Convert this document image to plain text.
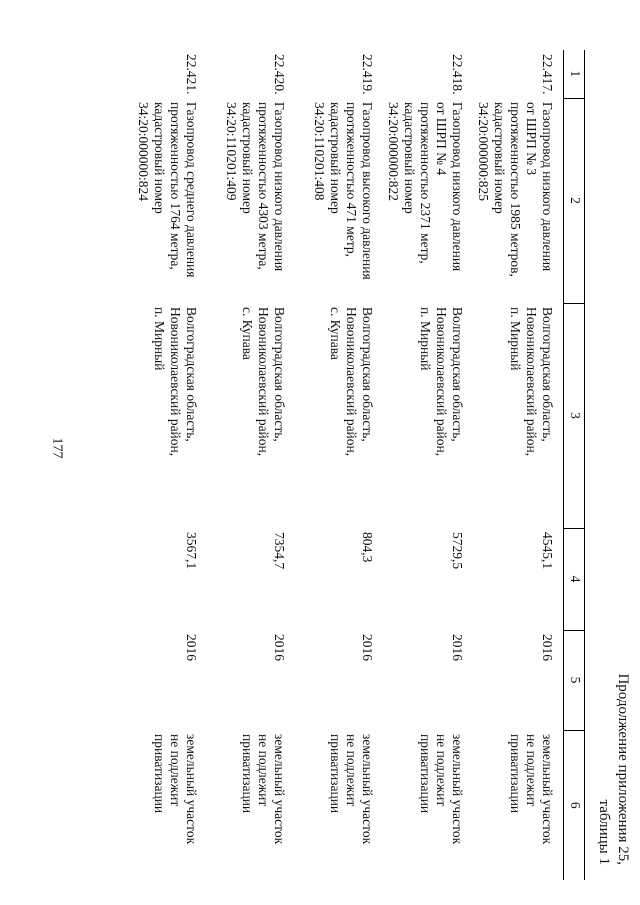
177
Продолжение приложения 25,
таблицы 1
1	2	3	4	5	6
22.417.	Газопровод низкого давления
от ШРП № 3
протяженностью 1985 метров,
кадастровый номер
34:20:000000:825	Волгоградская область,
Новониколаевский район,
п. Мирный	4545,1	2016	земельный участок
не подлежит
приватизации

22.418.	Газопровод низкого давления
от ШРП № 4
протяженностью 2371 метр,
кадастровый номер
34:20:000000:822	Волгоградская область,
Новониколаевский район,
п. Мирный	5729,5	2016	земельный участок
не подлежит
приватизации

22.419.	Газопровод высокого давления
протяженностью 471 метр,
кадастровый номер
34:20:110201:408	Волгоградская область,
Новониколаевский район,
с. Купава	804,3	2016	земельный участок
не подлежит
приватизации

22.420.	Газопровод низкого давления
протяженностью 4303 метра,
кадастровый номер
34:20:110201:409	Волгоградская область,
Новониколаевский район,
с. Купава	7354,7	2016	земельный участок
не подлежит
приватизации

22.421.	Газопровод среднего давления
протяженностью 1764 метра,
кадастровый номер
34:20:000000:824	Волгоградская область,
Новониколаевский район,
п. Мирный	3567,1	2016	земельный участок
не подлежит
приватизации
